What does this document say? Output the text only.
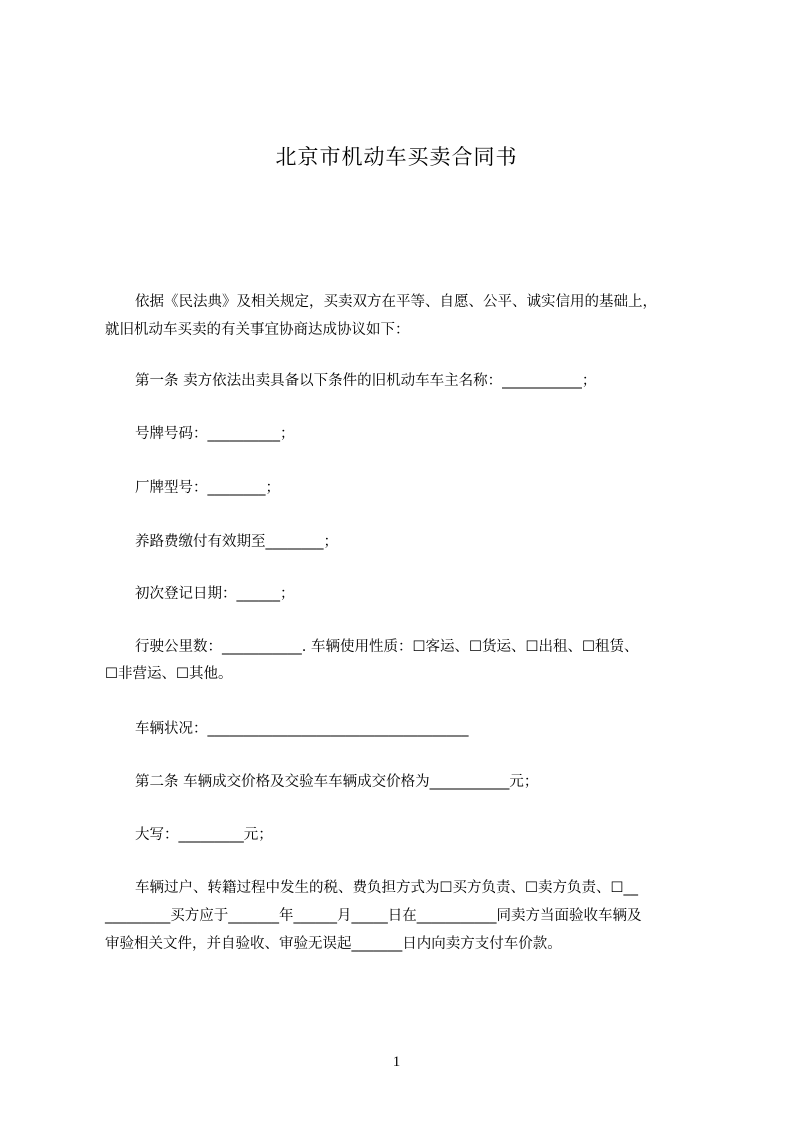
北京市机动车买卖合同书
依据《民法典》及相关规定，买卖双方在平等、自愿、公平、诚实信用的基础上，
就旧机动车买卖的有关事宜协商达成协议如下：
第一条 卖方依法出卖具备以下条件的旧机动车车主名称：___________；
号牌号码：__________；
厂牌型号：________；
养路费缴付有效期至________；
初次登记日期：______；
行驶公里数：___________. 车辆使用性质：☐客运、☐货运、☐出租、☐租赁、
☐非营运、☐其他。
车辆状况：____________________________________
第二条 车辆成交价格及交验车车辆成交价格为___________元；
大写：_________元；
车辆过户、转籍过程中发生的税、费负担方式为☐买方负责、☐卖方负责、☐__
_________买方应于_______年______月_____日在___________同卖方当面验收车辆及
审验相关文件，并自验收、审验无误起_______日内向卖方支付车价款。
1
